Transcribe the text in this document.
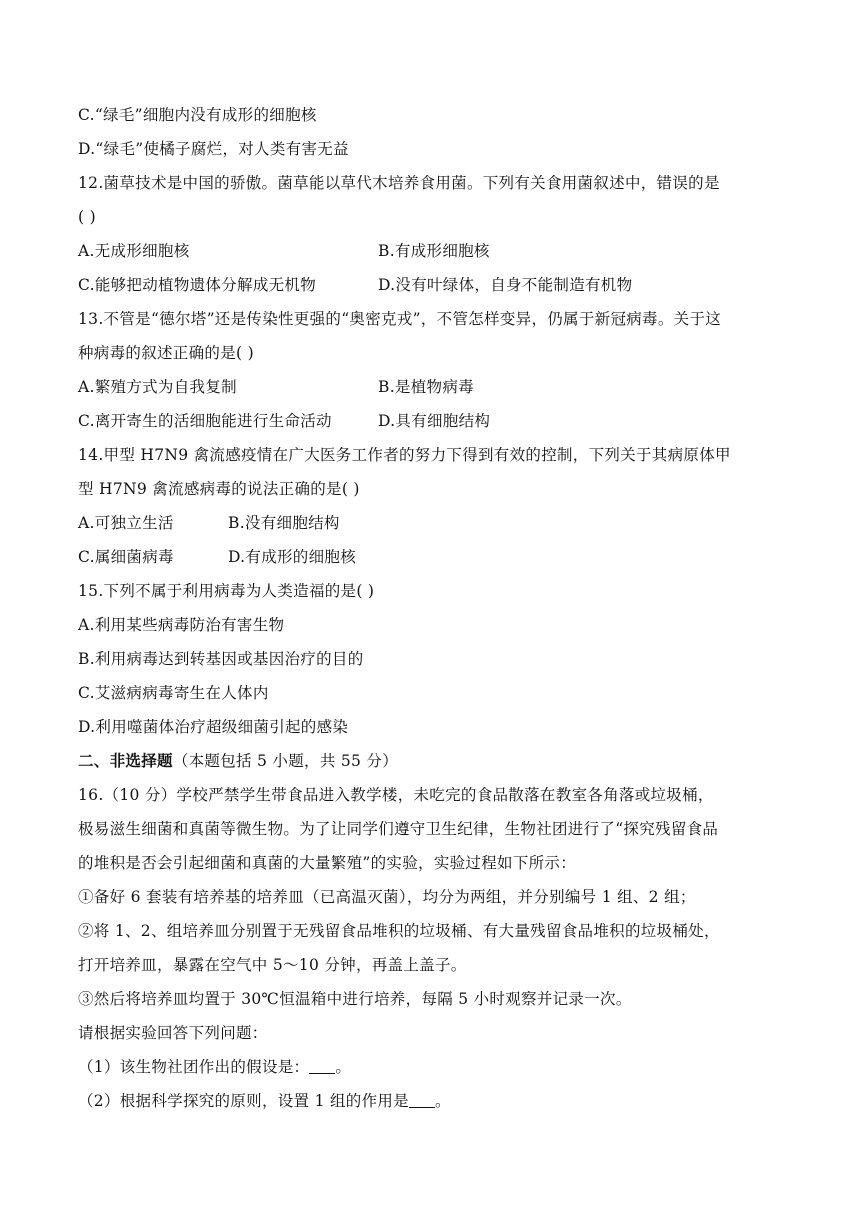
C.“绿毛”细胞内没有成形的细胞核
D.“绿毛”使橘子腐烂，对人类有害无益
12.菌草技术是中国的骄傲。菌草能以草代木培养食用菌。下列有关食用菌叙述中，错误的是
( )
A.无成形细胞核	B.有成形细胞核
C.能够把动植物遗体分解成无机物	D.没有叶绿体，自身不能制造有机物
13.不管是“德尔塔”还是传染性更强的“奥密克戎”，不管怎样变异，仍属于新冠病毒。关于这
种病毒的叙述正确的是( )
A.繁殖方式为自我复制	B.是植物病毒
C.离开寄生的活细胞能进行生命活动	D.具有细胞结构
14.甲型 H7N9 禽流感疫情在广大医务工作者的努力下得到有效的控制，下列关于其病原体甲
型 H7N9 禽流感病毒的说法正确的是( )
A.可独立生活	B.没有细胞结构
C.属细菌病毒	D.有成形的细胞核
15.下列不属于利用病毒为人类造福的是( )
A.利用某些病毒防治有害生物
B.利用病毒达到转基因或基因治疗的目的
C.艾滋病病毒寄生在人体内
D.利用噬菌体治疗超级细菌引起的感染
二、非选择题（本题包括 5 小题，共 55 分）
16.（10 分）学校严禁学生带食品进入教学楼，未吃完的食品散落在教室各角落或垃圾桶，
极易滋生细菌和真菌等微生物。为了让同学们遵守卫生纪律，生物社团进行了“探究残留食品
的堆积是否会引起细菌和真菌的大量繁殖”的实验，实验过程如下所示：
①备好 6 套装有培养基的培养皿（已高温灭菌），均分为两组，并分别编号 1 组、2 组；
②将 1、2、组培养皿分别置于无残留食品堆积的垃圾桶、有大量残留食品堆积的垃圾桶处，
打开培养皿，暴露在空气中 5～10 分钟，再盖上盖子。
③然后将培养皿均置于 30℃恒温箱中进行培养，每隔 5 小时观察并记录一次。
请根据实验回答下列问题：
（1）该生物社团作出的假设是： 。
（2）根据科学探究的原则，设置 1 组的作用是 。
